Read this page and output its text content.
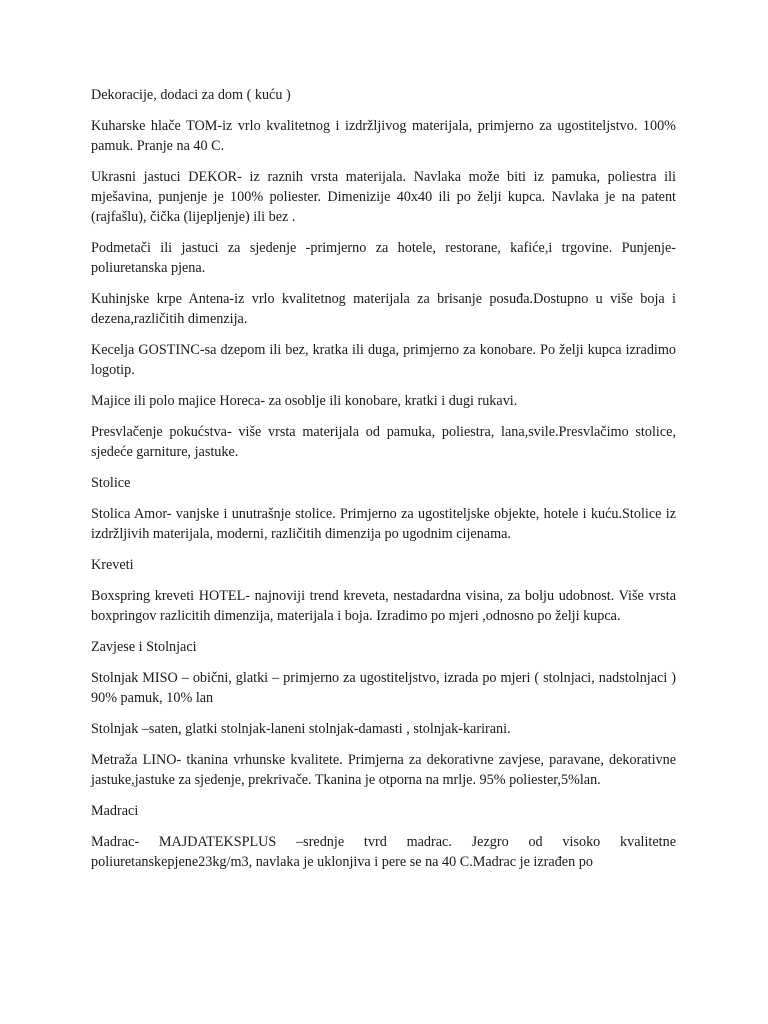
Dekoracije, dodaci za dom ( kuću )

Kuharske hlače TOM-iz vrlo kvalitetnog i izdržljivog materijala, primjerno za ugostiteljstvo. 100% pamuk. Pranje na 40 C.

Ukrasni jastuci DEKOR- iz raznih vrsta materijala. Navlaka može biti iz pamuka, poliestra ili mješavina, punjenje je 100% poliester. Dimenizije 40x40 ili po želji kupca. Navlaka je na patent (rajfašlu), čička (lijepljenje) ili bez .

Podmetači ili jastuci za sjedenje -primjerno za hotele, restorane, kafiće,i trgovine. Punjenje-poliuretanska pjena.

Kuhinjske krpe Antena-iz vrlo kvalitetnog materijala za brisanje posuđa.Dostupno u više boja i dezena,različitih dimenzija.

Kecelja GOSTINC-sa dzepom ili bez, kratka ili duga, primjerno za konobare. Po želji kupca izradimo logotip.

Majice ili polo majice Horeca- za osoblje ili konobare, kratki i dugi rukavi.

Presvlačenje pokućstva- više vrsta materijala od pamuka, poliestra, lana,svile.Presvlačimo stolice, sjedeće garniture, jastuke.

Stolice

Stolica Amor- vanjske i unutrašnje stolice. Primjerno za ugostiteljske objekte, hotele i kuću.Stolice iz izdržljivih materijala, moderni, različitih dimenzija po ugodnim cijenama.

Kreveti

Boxspring kreveti HOTEL- najnoviji trend kreveta, nestadardna visina, za bolju udobnost. Više vrsta boxpringov razlicitih dimenzija, materijala i boja. Izradimo po mjeri ,odnosno po želji kupca.

Zavjese i Stolnjaci

Stolnjak MISO – obični, glatki – primjerno za ugostiteljstvo, izrada po mjeri ( stolnjaci, nadstolnjaci ) 90% pamuk, 10% lan

Stolnjak –saten, glatki stolnjak-laneni stolnjak-damasti , stolnjak-karirani.

Metraža LINO- tkanina vrhunske kvalitete. Primjerna za dekorativne zavjese, paravane, dekorativne jastuke,jastuke za sjedenje, prekrivače. Tkanina je otporna na mrlje. 95% poliester,5%lan.

Madraci

Madrac- MAJDATEKSPLUS –srednje tvrd madrac. Jezgro od visoko kvalitetne poliuretanskepjene23kg/m3, navlaka je uklonjiva i pere se na 40 C.Madrac je izrađen po
